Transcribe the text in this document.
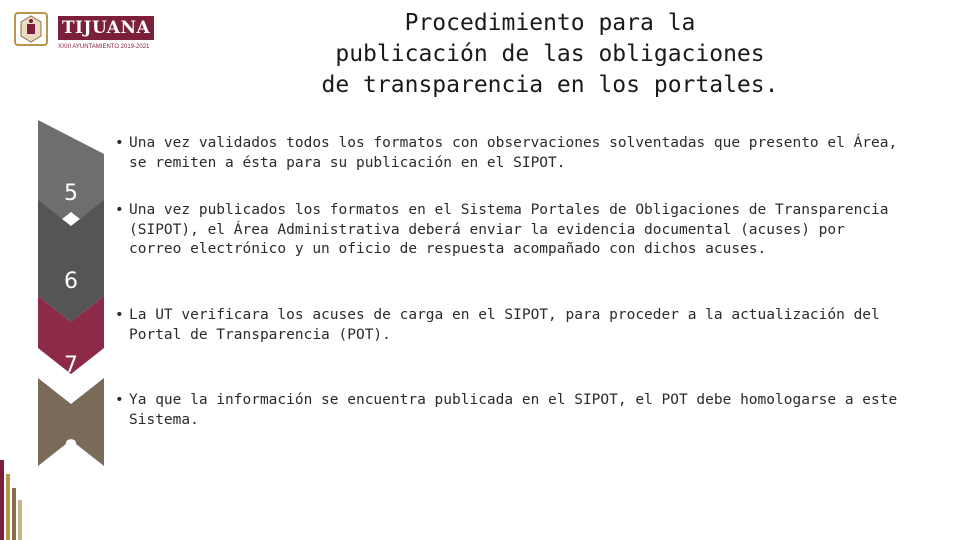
TIJUANA
XXIII AYUNTAMIENTO 2019-2021
Procedimiento para la
publicación de las obligaciones
de transparencia en los portales.
5
6
7
8
• Una vez validados todos los formatos con observaciones solventadas que presento el Área, se remiten a ésta para su publicación en el SIPOT.
• Una vez publicados los formatos en el Sistema Portales de Obligaciones de Transparencia (SIPOT), el Área Administrativa deberá enviar la evidencia documental (acuses) por correo electrónico y un oficio de respuesta acompañado con dichos acuses.
• La UT verificara los acuses de carga en el SIPOT, para proceder a la actualización del Portal de Transparencia (POT).
• Ya que la información se encuentra publicada en el SIPOT, el POT debe homologarse a este Sistema.
